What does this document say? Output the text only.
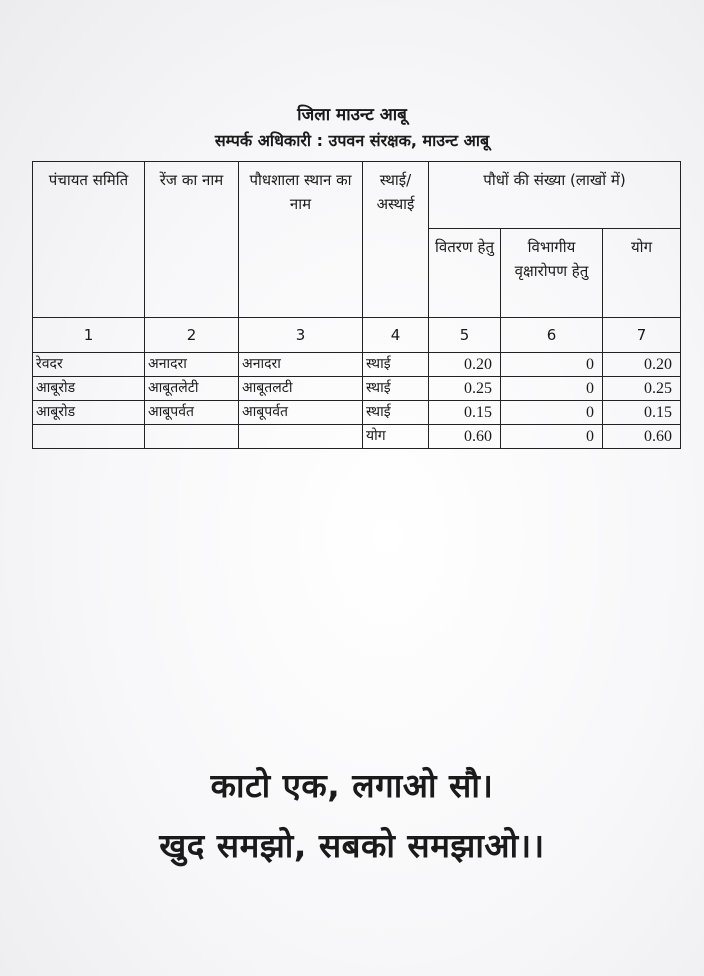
जिला माउन्ट आबू
सम्पर्क अधिकारी : उपवन संरक्षक, माउन्ट आबू
पंचायत समिति	रेंज का नाम	पौधशाला स्थान का नाम	स्थाई/ अस्थाई	पौधों की संख्या (लाखों में)		
				वितरण हेतु	विभागीय वृक्षारोपण हेतु	योग
1	2	3	4	5	6	7
रेवदर	अनादरा	अनादरा	स्थाई	0.20	0	0.20
आबूरोड	आबूतलेटी	आबूतलटी	स्थाई	0.25	0	0.25
आबूरोड	आबूपर्वत	आबूपर्वत	स्थाई	0.15	0	0.15
			योग	0.60	0	0.60
काटो एक, लगाओ सौ।
खुद समझो, सबको समझाओ।।
